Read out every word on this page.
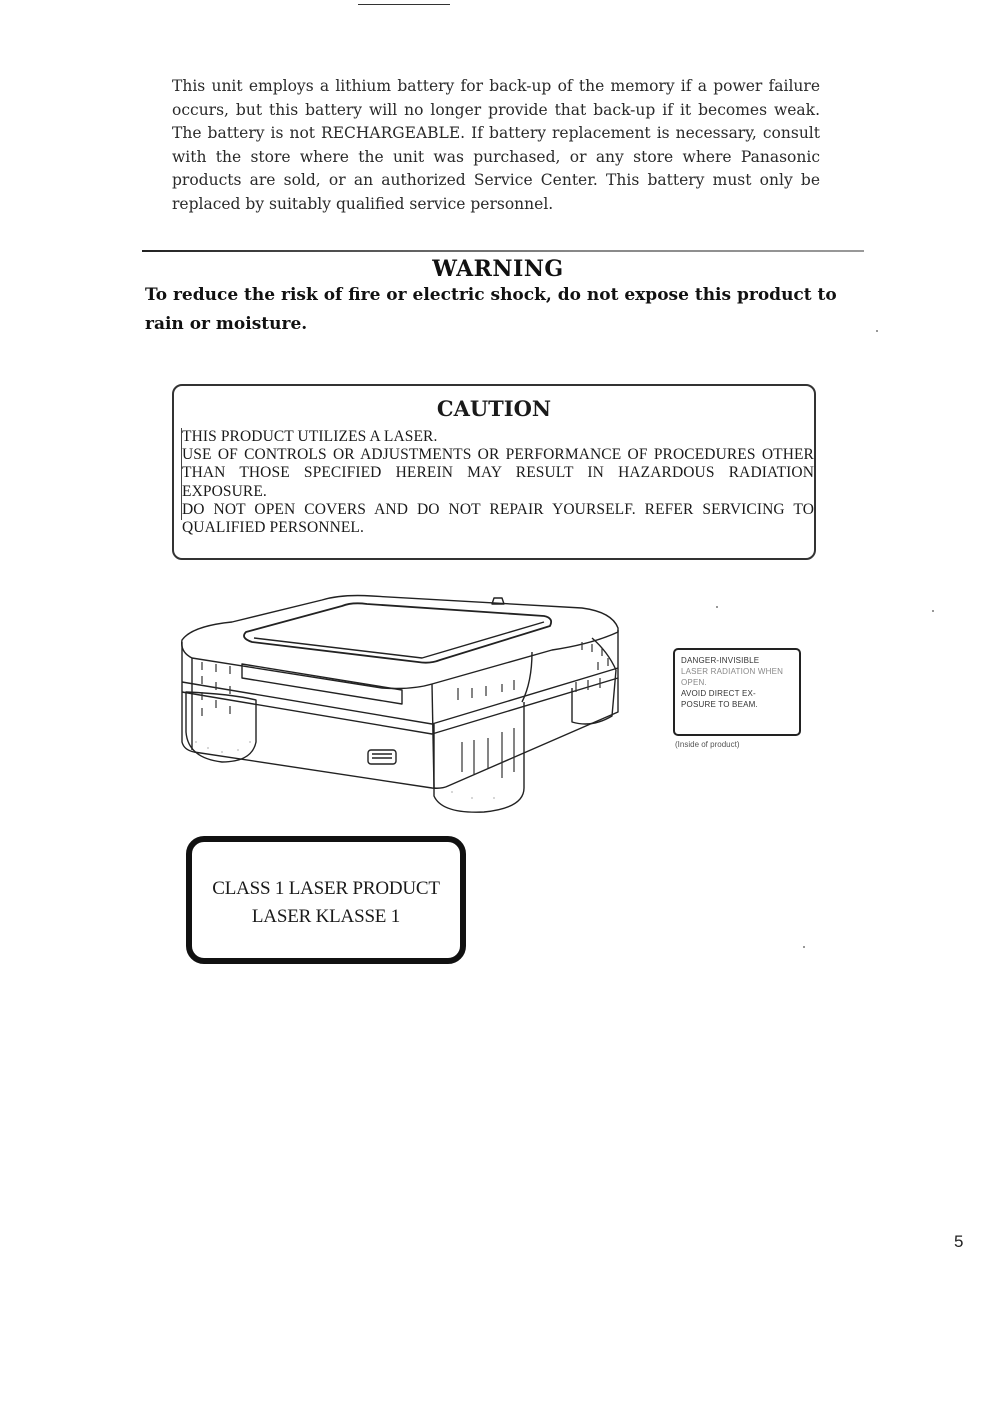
This unit employs a lithium battery for back-up of the memory if a power failure occurs, but this battery will no longer provide that back-up if it becomes weak. The battery is not RECHARGEABLE. If battery replacement is necessary, consult with the store where the unit was purchased, or any store where Panasonic products are sold, or an authorized Service Center. This battery must only be replaced by suitably qualified service personnel.

WARNING
To reduce the risk of fire or electric shock, do not expose this product to rain or moisture.
CAUTION
THIS PRODUCT UTILIZES A LASER.
USE OF CONTROLS OR ADJUSTMENTS OR PERFORMANCE OF PROCEDURES OTHER THAN THOSE SPECIFIED HEREIN MAY RESULT IN HAZARDOUS RADIATION EXPOSURE.
DO NOT OPEN COVERS AND DO NOT REPAIR YOURSELF. REFER SERVICING TO QUALIFIED PERSONNEL.
DANGER-INVISIBLE
LASER RADIATION WHEN
OPEN.
AVOID DIRECT EX-
POSURE TO BEAM.
(Inside of product)
CLASS 1 LASER PRODUCT
LASER KLASSE 1
5
